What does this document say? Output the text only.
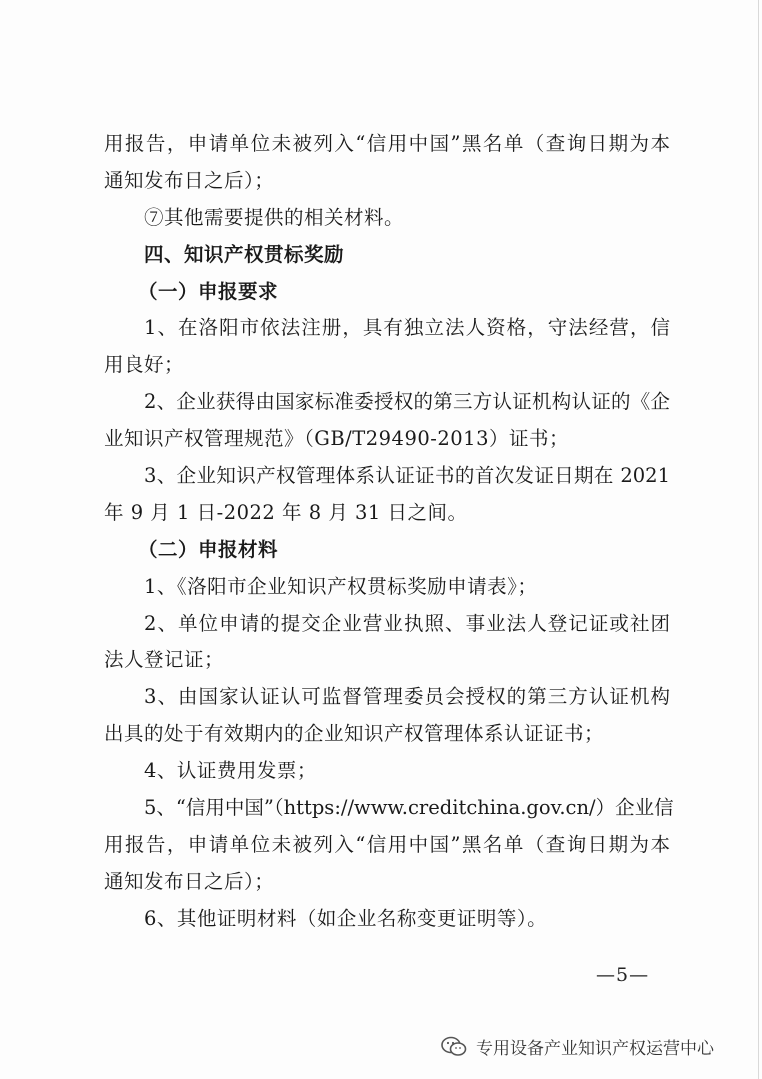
用报告，申请单位未被列入“信用中国”黑名单（查询日期为本
通知发布日之后）；
⑦其他需要提供的相关材料。
四、知识产权贯标奖励
（一）申报要求
1、在洛阳市依法注册，具有独立法人资格，守法经营，信
用良好；
2、企业获得由国家标准委授权的第三方认证机构认证的《企
业知识产权管理规范》（GB/T29490-2013）证书；
3、企业知识产权管理体系认证证书的首次发证日期在 2021
年 9 月 1 日-2022 年 8 月 31 日之间。
（二）申报材料
1、《洛阳市企业知识产权贯标奖励申请表》；
2、单位申请的提交企业营业执照、事业法人登记证或社团
法人登记证；
3、由国家认证认可监督管理委员会授权的第三方认证机构
出具的处于有效期内的企业知识产权管理体系认证证书；
4、认证费用发票；
5、“信用中国”（https://www.creditchina.gov.cn/）企业信
用报告，申请单位未被列入“信用中国”黑名单（查询日期为本
通知发布日之后）；
6、其他证明材料（如企业名称变更证明等）。
—5—
专用设备产业知识产权运营中心
